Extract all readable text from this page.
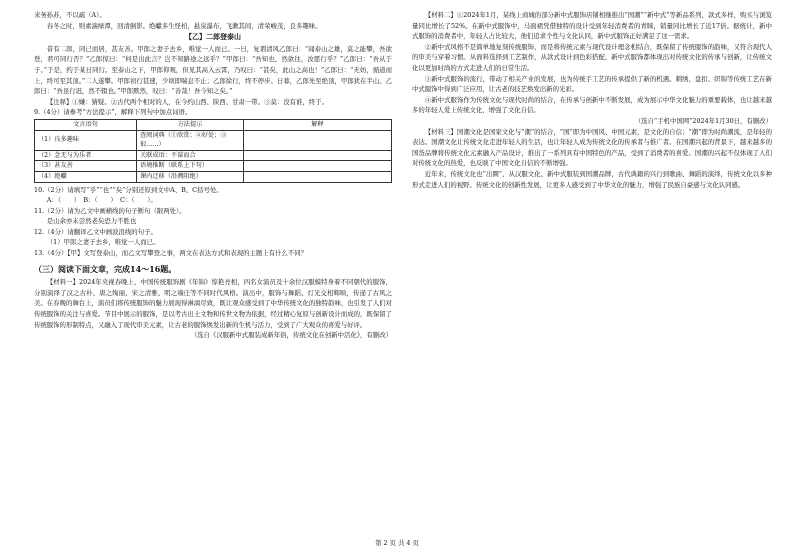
来务孙苏，不以疏（A）。

春冬之时，则素湍绿潭，回清倒影。绝巘多生怪柏，悬泉瀑布，飞漱其间，清荣峻茂，良多趣味。

【乙】二郎登泰山

昔有二郎，同已而居，甚友善。甲郎之妻子去乡，唯觉一人而已。一日，复谓清风乙郎曰：“闻泰山之雄，莫之能攀，吾欲登，君可同行否？”乙郎惊曰：“何是出此言？岂不知路途之远乎？”甲郎曰：“吾知也，然欲往，汝愿行乎？”乙郎曰：“吾从于子。”于是，约于某日同行。至泰山之下，甲郎仰观，但见其高入云霄，乃叹曰：“甚矣，此山之高也！”乙郎曰：“无妨，循道而上，终可至其顶。”二人遂攀。甲郎初行甚速，少顷即喘息不止；乙郎徐行，终不停步。日暮，乙郎先至绝顶，甲郎犹在半山。乙郎曰：“吾虽行迟，然不辍也。”甲郎默然，叹曰：“善哉！吾今知之矣。”

【注释】①嫌：猜疑。②古代两个相对的人，在今约山西、陕西、甘肃一带。③莫：没有谁，终于。

9.（4分）请参考“方法提示”，解释下列句中加点词语。

文言语句	方法提示	解释
（1）良多趣味	查阅词典（①欣赏；②好处；③很……）	
（2）念无与为乐者	关联成语：不谋而合	
（3）甚友善	语境推断（联系上下句）	
（4）绝巘	课内迁移（沿溯阻绝）	

10.（2分）请填写“乎”“也”“矣”分别还原到文中A、B、C括号处。

A：（　　）　B：（　　）　C：（　　）。

11.（2分）请为乙文中画横线的句子断句（限两处）。

是山余亦未尝然老矣恐力不胜也

12.（4分）请翻译乙文中画波浪线的句子。

（1）甲郎之妻子去乡，唯觉一人而已。

13.（4分）【甲】文写登泰山，而乙文写攀登之事，两文在表达方式和表现的主题上有什么不同？

（三）阅读下面文章，完成14～16题。

【材料一】2024年央视春晚上，中国传统服饰剧《年锦》惊艳亮相，四名女演员及十余位汉服模特身着不同朝代的服饰，分别演绎了汉之古朴、唐之绚丽、宋之清雅、明之端庄等不同时代风格。演出中，服饰与舞蹈、灯光交相辉映，传递了古风之美。在春晚的舞台上，演员们将传统服饰的魅力展现得淋漓尽致，既让观众感受到了中华传统文化的独特韵味，也引发了人们对传统服饰的关注与喜爱。节目中展示的服饰，是以考古出土文物和传世文物为依据，经过精心复原与创新设计而成的，既保留了传统服饰的形制特点，又融入了现代审美元素，让古老的服饰焕发出新的生机与活力，受到了广大观众的喜爱与好评。

（选自《汉服新中式服装成新年俗，传统文化在创新中活化》，有删改）

【材料二】①2024年1月，某线上商城的部分新中式服饰店铺相继推出“国潮”“新中式”等新品系列，款式多样，购买与浏览量同比增长了52%。在新中式服饰中，马面裙凭借独特的设计受到年轻消费者的青睐，销量同比增长了近17倍。据统计，新中式服饰的消费者中，年轻人占比较大，他们追求个性与文化认同，新中式服饰正好满足了这一需求。

②新中式风格不是简单地复刻传统服饰，而是将传统元素与现代设计理念相结合，既保留了传统服饰的韵味，又符合现代人的审美与穿着习惯。从面料选择到工艺制作，从款式设计到色彩搭配，新中式服饰都体现出对传统文化的传承与创新，让传统文化以更加时尚的方式走进人们的日常生活。

③新中式服饰的流行，带动了相关产业的发展，也为传统手工艺的传承提供了新的机遇。刺绣、盘扣、织锦等传统工艺在新中式服饰中得到广泛应用，让古老的技艺焕发出新的光彩。

④新中式服饰作为传统文化与现代时尚的结合，在传承与创新中不断发展，成为展示中华文化魅力的重要载体，也让越来越多的年轻人爱上传统文化，增强了文化自信。

（选自“手机中国网”2024年1月30日，有删改）

【材料三】国潮文化是国家文化与“潮”的结合，“国”即为中国风、中国元素，是文化的自信；“潮”即为时尚潮流，是年轻的表达。国潮文化让传统文化走进年轻人的生活，也让年轻人成为传统文化的传承者与推广者。在国潮兴起的背景下，越来越多的国货品牌将传统文化元素融入产品设计，推出了一系列具有中国特色的产品，受到了消费者的喜爱。国潮的兴起不仅体现了人们对传统文化的热爱，也反映了中国文化自信的不断增强。

近年来，传统文化也“出圈”，从汉服文化、新中式服装到国潮品牌，古代典籍的兴行到歌曲、舞蹈的演绎，传统文化以多种形式走进人们的视野。传统文化的创新性发展，让更多人感受到了中华文化的魅力，增强了民族自豪感与文化认同感。

第 2 页 共 4 页
